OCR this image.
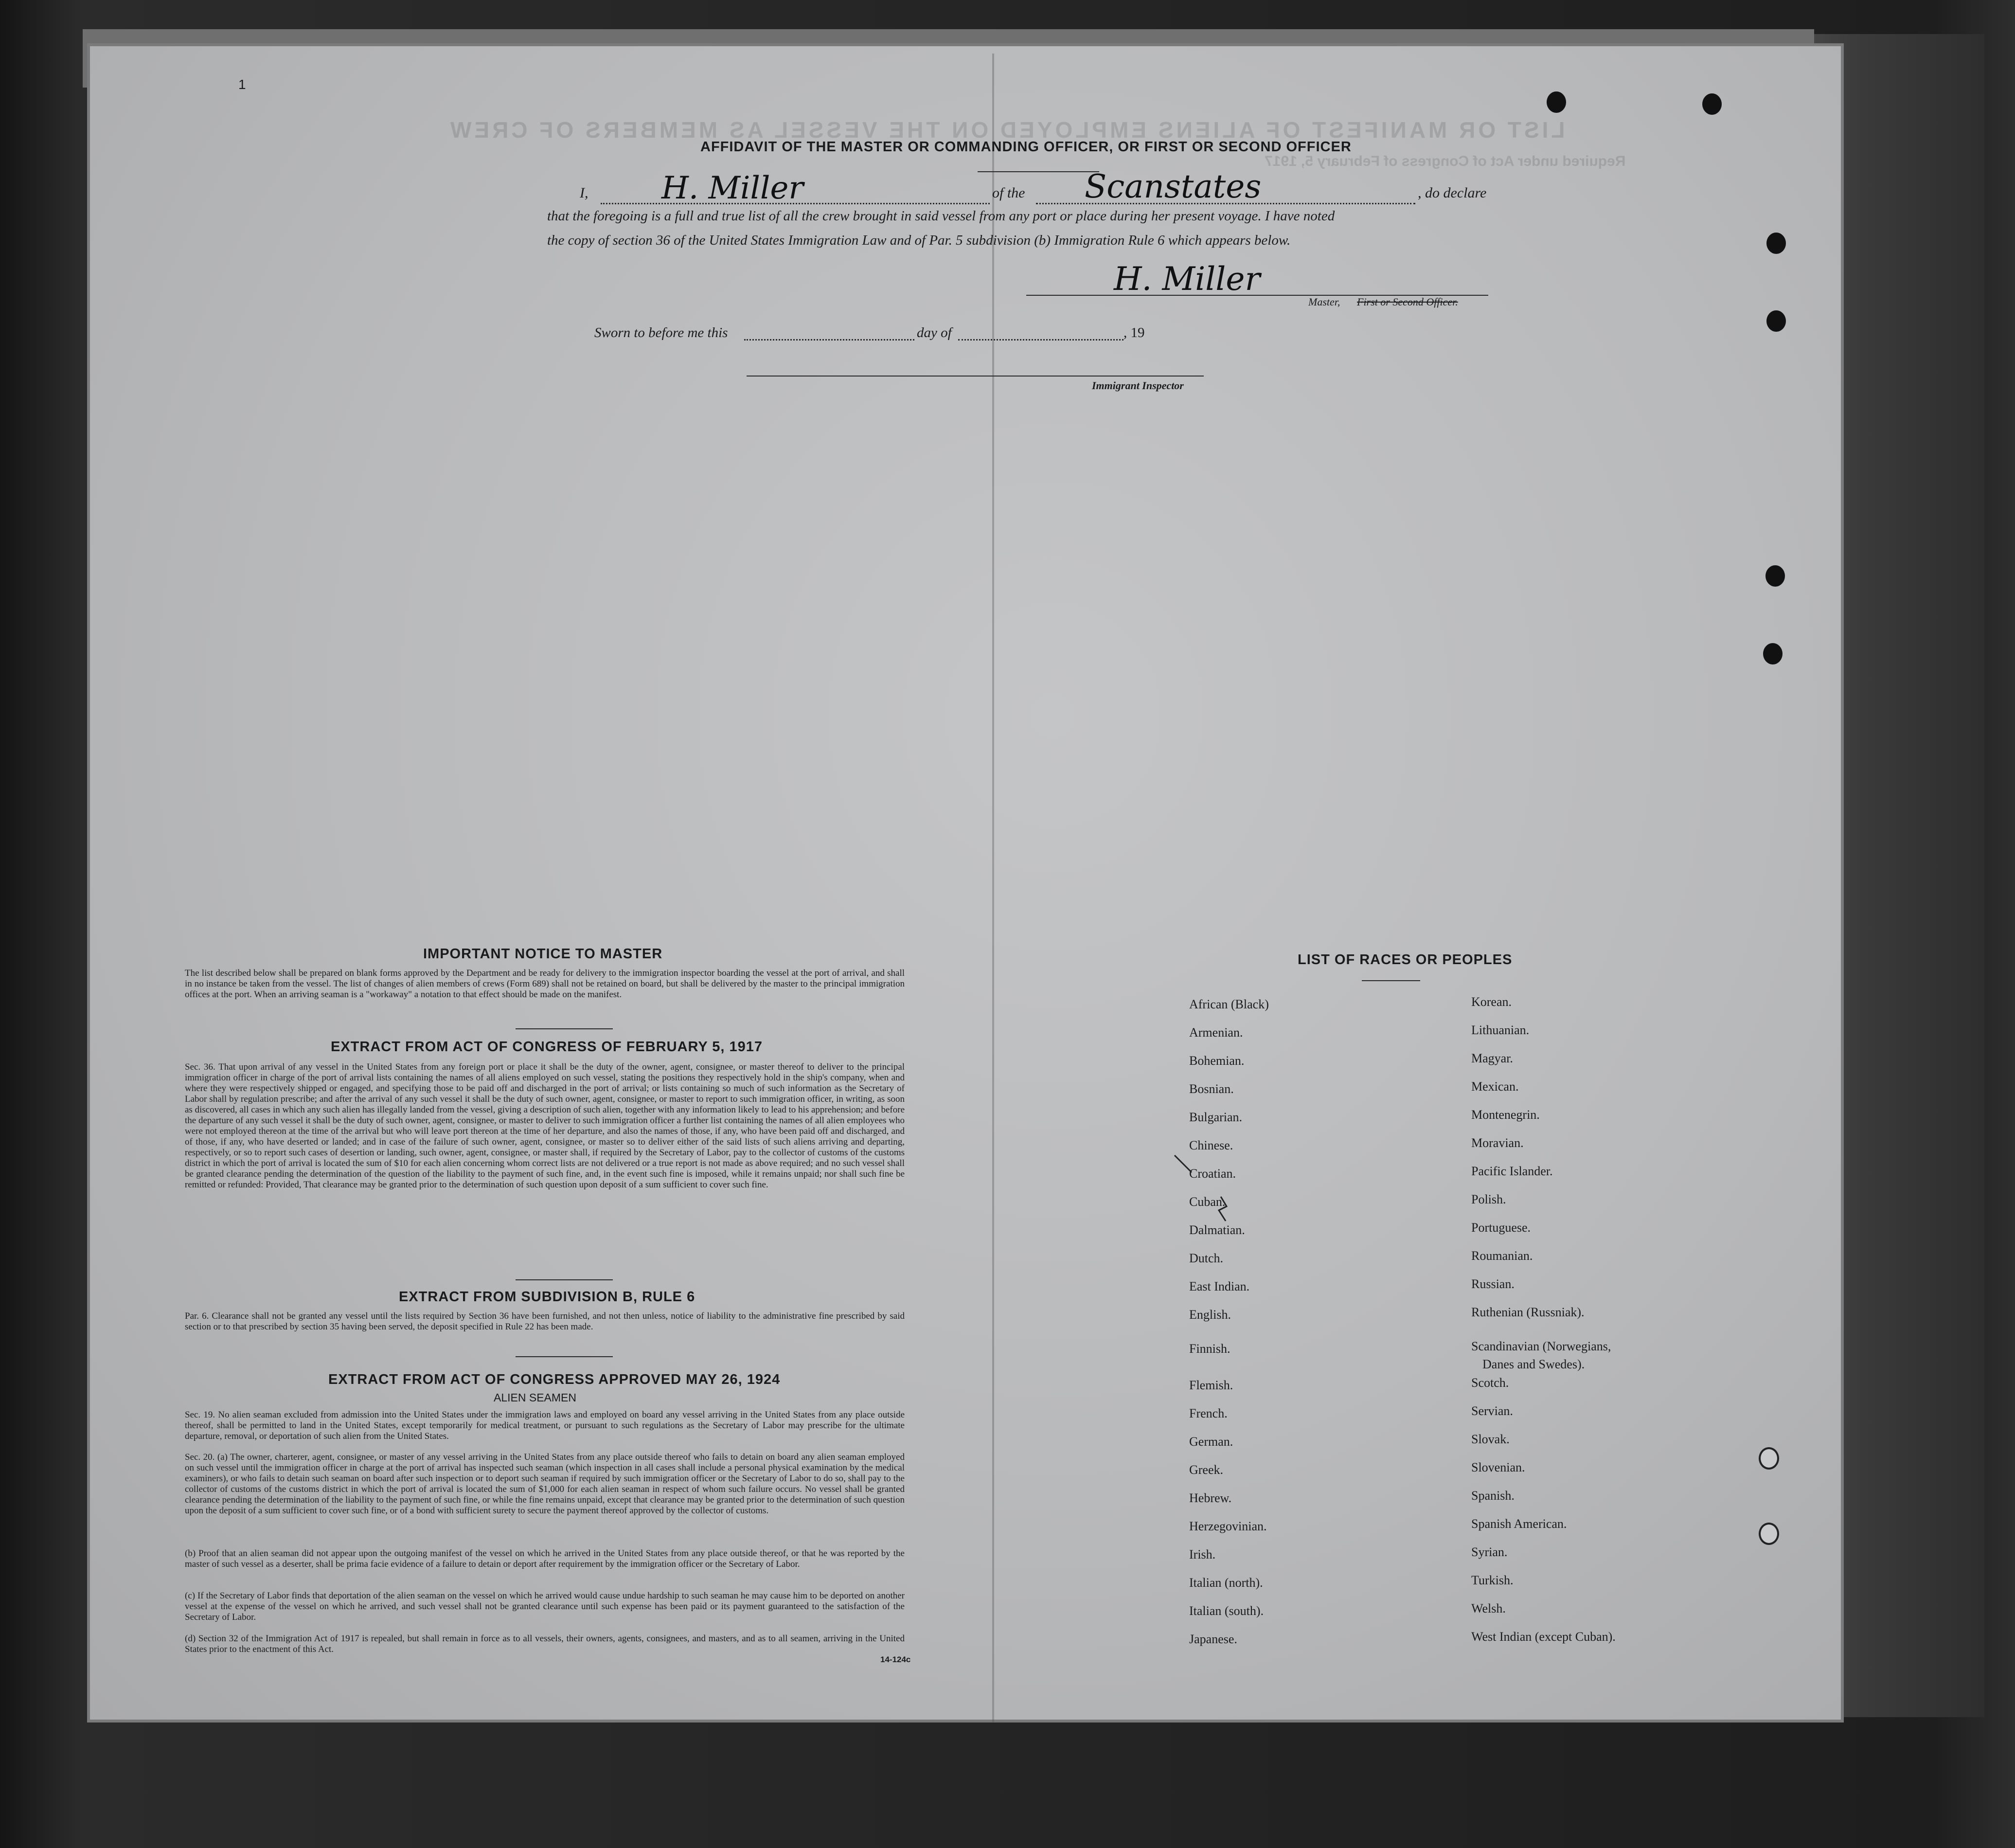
LIST OR MANIFEST OF ALIENS EMPLOYED ON THE VESSEL AS MEMBERS OF CREW
Required under Act of Congress of February 5, 1917
1
AFFIDAVIT OF THE MASTER OR COMMANDING OFFICER, OR FIRST OR SECOND OFFICER
I, H. Miller	of the Scanstates	, do declare
that the foregoing is a full and true list of all the crew brought in said vessel from any port or place during her present voyage. I have noted
the copy of section 36 of the United States Immigration Law and of Par. 5 subdivision (b) Immigration Rule 6 which appears below.
H. Miller
Master, First or Second Officer.
Sworn to before me this	day of	, 19
Immigrant Inspector
IMPORTANT NOTICE TO MASTER
The list described below shall be prepared on blank forms approved by the Department and be ready for delivery to the immigration inspector boarding the vessel at the port of arrival, and shall in no instance be taken from the vessel. The list of changes of alien members of crews (Form 689) shall not be retained on board, but shall be delivered by the master to the principal immigration offices at the port. When an arriving seaman is a "workaway" a notation to that effect should be made on the manifest.
EXTRACT FROM ACT OF CONGRESS OF FEBRUARY 5, 1917
Sec. 36. That upon arrival of any vessel in the United States from any foreign port or place it shall be the duty of the owner, agent, consignee, or master thereof to deliver to the principal immigration officer in charge of the port of arrival lists containing the names of all aliens employed on such vessel, stating the positions they respectively hold in the ship's company, when and where they were respectively shipped or engaged, and specifying those to be paid off and discharged in the port of arrival; or lists containing so much of such information as the Secretary of Labor shall by regulation prescribe; and after the arrival of any such vessel it shall be the duty of such owner, agent, consignee, or master to report to such immigration officer, in writing, as soon as discovered, all cases in which any such alien has illegally landed from the vessel, giving a description of such alien, together with any information likely to lead to his apprehension; and before the departure of any such vessel it shall be the duty of such owner, agent, consignee, or master to deliver to such immigration officer a further list containing the names of all alien employees who were not employed thereon at the time of the arrival but who will leave port thereon at the time of her departure, and also the names of those, if any, who have been paid off and discharged, and of those, if any, who have deserted or landed; and in case of the failure of such owner, agent, consignee, or master so to deliver either of the said lists of such aliens arriving and departing, respectively, or so to report such cases of desertion or landing, such owner, agent, consignee, or master shall, if required by the Secretary of Labor, pay to the collector of customs of the customs district in which the port of arrival is located the sum of $10 for each alien concerning whom correct lists are not delivered or a true report is not made as above required; and no such vessel shall be granted clearance pending the determination of the question of the liability to the payment of such fine, and, in the event such fine is imposed, while it remains unpaid; nor shall such fine be remitted or refunded: Provided, That clearance may be granted prior to the determination of such question upon deposit of a sum sufficient to cover such fine.
EXTRACT FROM SUBDIVISION B, RULE 6
Par. 6. Clearance shall not be granted any vessel until the lists required by Section 36 have been furnished, and not then unless, notice of liability to the administrative fine prescribed by said section or to that prescribed by section 35 having been served, the deposit specified in Rule 22 has been made.
EXTRACT FROM ACT OF CONGRESS APPROVED MAY 26, 1924
ALIEN SEAMEN
Sec. 19. No alien seaman excluded from admission into the United States under the immigration laws and employed on board any vessel arriving in the United States from any place outside thereof, shall be permitted to land in the United States, except temporarily for medical treatment, or pursuant to such regulations as the Secretary of Labor may prescribe for the ultimate departure, removal, or deportation of such alien from the United States.
Sec. 20. (a) The owner, charterer, agent, consignee, or master of any vessel arriving in the United States from any place outside thereof who fails to detain on board any alien seaman employed on such vessel until the immigration officer in charge at the port of arrival has inspected such seaman (which inspection in all cases shall include a personal physical examination by the medical examiners), or who fails to detain such seaman on board after such inspection or to deport such seaman if required by such immigration officer or the Secretary of Labor to do so, shall pay to the collector of customs of the customs district in which the port of arrival is located the sum of $1,000 for each alien seaman in respect of whom such failure occurs. No vessel shall be granted clearance pending the determination of the liability to the payment of such fine, or while the fine remains unpaid, except that clearance may be granted prior to the determination of such question upon the deposit of a sum sufficient to cover such fine, or of a bond with sufficient surety to secure the payment thereof approved by the collector of customs.
(b) Proof that an alien seaman did not appear upon the outgoing manifest of the vessel on which he arrived in the United States from any place outside thereof, or that he was reported by the master of such vessel as a deserter, shall be prima facie evidence of a failure to detain or deport after requirement by the immigration officer or the Secretary of Labor.
(c) If the Secretary of Labor finds that deportation of the alien seaman on the vessel on which he arrived would cause undue hardship to such seaman he may cause him to be deported on another vessel at the expense of the vessel on which he arrived, and such vessel shall not be granted clearance until such expense has been paid or its payment guaranteed to the satisfaction of the Secretary of Labor.
(d) Section 32 of the Immigration Act of 1917 is repealed, but shall remain in force as to all vessels, their owners, agents, consignees, and masters, and as to all seamen, arriving in the United States prior to the enactment of this Act.
14-124c
LIST OF RACES OR PEOPLES
African (Black)
Armenian.
Bohemian.
Bosnian.
Bulgarian.
Chinese.
Croatian.
Cuban.
Dalmatian.
Dutch.
East Indian.
English.
Finnish.
Flemish.
French.
German.
Greek.
Hebrew.
Herzegovinian.
Irish.
Italian (north).
Italian (south).
Japanese.
Korean.
Lithuanian.
Magyar.
Mexican.
Montenegrin.
Moravian.
Pacific Islander.
Polish.
Portuguese.
Roumanian.
Russian.
Ruthenian (Russniak).
Scandinavian (Norwegians,
Scotch.
Servian.
Slovak.
Slovenian.
Spanish.
Spanish American.
Syrian.
Turkish.
Welsh.
West Indian (except Cuban).
Danes and Swedes).
